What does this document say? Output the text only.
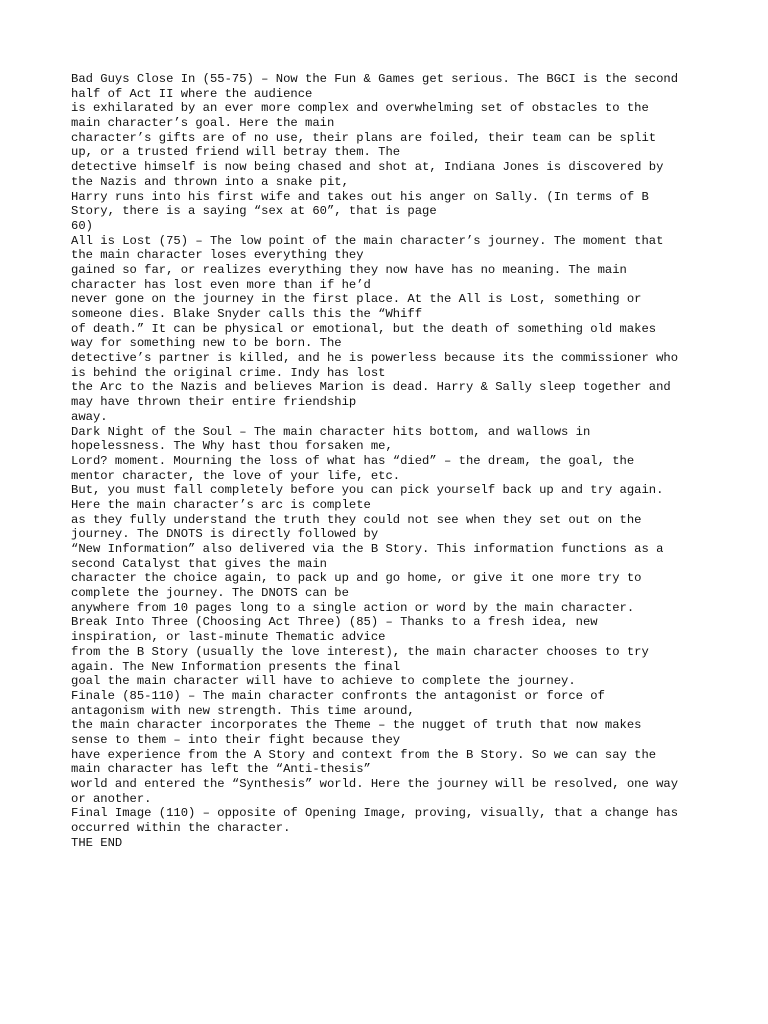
Bad Guys Close In (55-75) – Now the Fun & Games get serious. The BGCI is the second
half of Act II where the audience
is exhilarated by an ever more complex and overwhelming set of obstacles to the
main character’s goal. Here the main
character’s gifts are of no use, their plans are foiled, their team can be split
up, or a trusted friend will betray them. The
detective himself is now being chased and shot at, Indiana Jones is discovered by
the Nazis and thrown into a snake pit,
Harry runs into his first wife and takes out his anger on Sally. (In terms of B
Story, there is a saying “sex at 60”, that is page
60)
All is Lost (75) – The low point of the main character’s journey. The moment that
the main character loses everything they
gained so far, or realizes everything they now have has no meaning. The main
character has lost even more than if he’d
never gone on the journey in the first place. At the All is Lost, something or
someone dies. Blake Snyder calls this the “Whiff
of death.” It can be physical or emotional, but the death of something old makes
way for something new to be born. The
detective’s partner is killed, and he is powerless because its the commissioner who
is behind the original crime. Indy has lost
the Arc to the Nazis and believes Marion is dead. Harry & Sally sleep together and
may have thrown their entire friendship
away.
Dark Night of the Soul – The main character hits bottom, and wallows in
hopelessness. The Why hast thou forsaken me,
Lord? moment. Mourning the loss of what has “died” – the dream, the goal, the
mentor character, the love of your life, etc.
But, you must fall completely before you can pick yourself back up and try again.
Here the main character’s arc is complete
as they fully understand the truth they could not see when they set out on the
journey. The DNOTS is directly followed by
“New Information” also delivered via the B Story. This information functions as a
second Catalyst that gives the main
character the choice again, to pack up and go home, or give it one more try to
complete the journey. The DNOTS can be
anywhere from 10 pages long to a single action or word by the main character.
Break Into Three (Choosing Act Three) (85) – Thanks to a fresh idea, new
inspiration, or last-minute Thematic advice
from the B Story (usually the love interest), the main character chooses to try
again. The New Information presents the final
goal the main character will have to achieve to complete the journey.
Finale (85-110) – The main character confronts the antagonist or force of
antagonism with new strength. This time around,
the main character incorporates the Theme – the nugget of truth that now makes
sense to them – into their fight because they
have experience from the A Story and context from the B Story. So we can say the
main character has left the “Anti-thesis”
world and entered the “Synthesis” world. Here the journey will be resolved, one way
or another.
Final Image (110) – opposite of Opening Image, proving, visually, that a change has
occurred within the character.
THE END
